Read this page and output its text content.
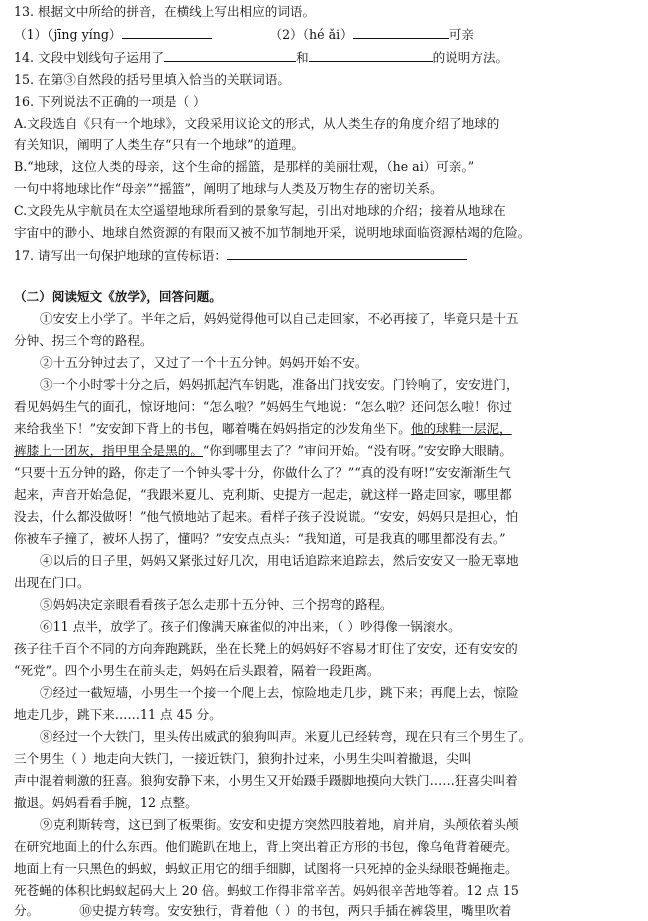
13. 根据文中所给的拼音，在横线上写出相应的词语。
（1）（jīng yíng）	（2）（hé ǎi）	可亲
14. 文段中划线句子运用了	和	的说明方法。
15. 在第③自然段的括号里填入恰当的关联词语。
16. 下列说法不正确的一项是（ ）
A.文段选自《只有一个地球》，文段采用议论文的形式，从人类生存的角度介绍了地球的
有关知识，阐明了人类生存“只有一个地球”的道理。
B.“地球，这位人类的母亲，这个生命的摇篮，是那样的美丽壮观，（he ai）可亲。”
一句中将地球比作“母亲”“摇篮”，阐明了地球与人类及万物生存的密切关系。
C.文段先从宇航员在太空遥望地球所看到的景象写起，引出对地球的介绍；接着从地球在
宇宙中的渺小、地球自然资源的有限而又被不加节制地开采，说明地球面临资源枯竭的危险。
17. 请写出一句保护地球的宣传标语：
（二）阅读短文《放学》，回答问题。
①安安上小学了。半年之后，妈妈觉得他可以自己走回家，不必再接了，毕竟只是十五
分钟、拐三个弯的路程。
②十五分钟过去了，又过了一个十五分钟。妈妈开始不安。
③一个小时零十分之后，妈妈抓起汽车钥匙，准备出门找安安。门铃响了，安安进门，
看见妈妈生气的面孔，惊讶地问：“怎么啦？”妈妈生气地说：“怎么啦？还问怎么啦！你过
来给我坐下！”安安卸下背上的书包，嘟着嘴在妈妈指定的沙发角坐下。他的球鞋一层泥，
裤膝上一团灰，指甲里全是黑的。“你到哪里去了？”审问开始。“没有呀。”安安睁大眼睛。
“只要十五分钟的路，你走了一个钟头零十分，你做什么了？”“真的没有呀!”安安渐渐生气
起来，声音开始急促，“我跟米夏儿、克利斯、史提方一起走，就这样一路走回家，哪里都
没去，什么都没做呀！”他气愤地站了起来。看样子孩子没说谎。“安安，妈妈只是担心，怕
你被车子撞了，被坏人拐了，懂吗？”安安点点头：“我知道，可是我真的哪里都没有去。”
④以后的日子里，妈妈又紧张过好几次，用电话追踪来追踪去，然后安安又一脸无辜地
出现在门口。
⑤妈妈决定亲眼看看孩子怎么走那十五分钟、三个拐弯的路程。
⑥11 点半，放学了。孩子们像满天麻雀似的冲出来，（ ）吵得像一锅滚水。
孩子往千百个不同的方向奔跑跳跃，坐在长凳上的妈妈好不容易才盯住了安安，还有安安的
“死党”。四个小男生在前头走，妈妈在后头跟着，隔着一段距离。
⑦经过一截短墙，小男生一个接一个爬上去，惊险地走几步，跳下来；再爬上去，惊险
地走几步，跳下来……11 点 45 分。
⑧经过一个大铁门，里头传出威武的狼狗叫声。米夏儿已经转弯，现在只有三个男生了。
三个男生（ ）地走向大铁门，一接近铁门，狼狗扑过来，小男生尖叫着撤退，尖叫
声中混着刺激的狂喜。狼狗安静下来，小男生又开始蹑手蹑脚地摸向大铁门……狂喜尖叫着
撤退。妈妈看看手腕，12 点整。
⑨克利斯转弯，这已到了板栗街。安安和史提方突然四肢着地，肩并肩，头颅依着头颅
在研究地面上的什么东西。他们跪趴在地上，背上突出着正方形的书包，像乌龟背着硬壳。
地面上有一只黑色的蚂蚁，蚂蚁正用它的细手细脚，试图将一只死掉的金头绿眼苍蝇拖走。
死苍蝇的体积比蚂蚁起码大上 20 倍。蚂蚁工作得非常辛苦。妈妈很辛苦地等着。12 点 15
分。	⑩史提方转弯。安安独行，背着他（ ）的书包，两只手插在裤袋里，嘴里吹着
